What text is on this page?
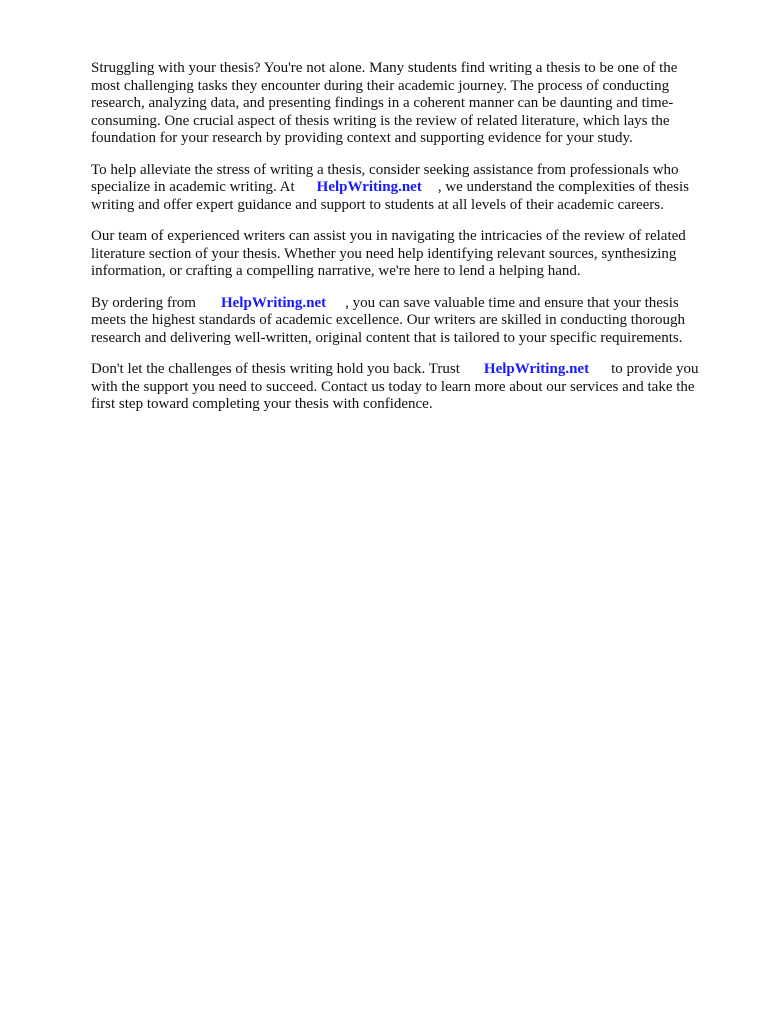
Struggling with your thesis? You're not alone. Many students find writing a thesis to be one of the
most challenging tasks they encounter during their academic journey. The process of conducting
research, analyzing data, and presenting findings in a coherent manner can be daunting and time-
consuming. One crucial aspect of thesis writing is the review of related literature, which lays the
foundation for your research by providing context and supporting evidence for your study.

To help alleviate the stress of writing a thesis, consider seeking assistance from professionals who
specialize in academic writing. At HelpWriting.net , we understand the complexities of thesis
writing and offer expert guidance and support to students at all levels of their academic careers.

Our team of experienced writers can assist you in navigating the intricacies of the review of related
literature section of your thesis. Whether you need help identifying relevant sources, synthesizing
information, or crafting a compelling narrative, we're here to lend a helping hand.

By ordering from HelpWriting.net , you can save valuable time and ensure that your thesis
meets the highest standards of academic excellence. Our writers are skilled in conducting thorough
research and delivering well-written, original content that is tailored to your specific requirements.

Don't let the challenges of thesis writing hold you back. Trust HelpWriting.net to provide you
with the support you need to succeed. Contact us today to learn more about our services and take the
first step toward completing your thesis with confidence.
